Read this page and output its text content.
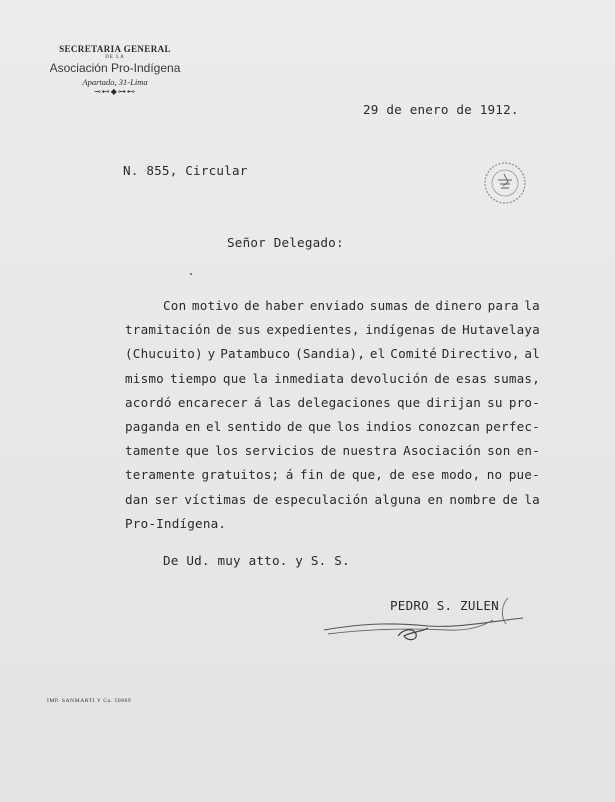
SECRETARIA GENERAL
DE LA
Asociación Pro-Indígena
Apartado, 31-Lima
⊸⊷◆⊶⊷
29 de enero de 1912.
N. 855, Circular
Señor Delegado:
Con motivo de haber enviado sumas de dinero para la
tramitación de sus expedientes, indígenas de Hutavelaya
(Chucuito) y Patambuco (Sandia), el Comité Directivo, al
mismo tiempo que la inmediata devolución de esas sumas,
acordó encarecer á las delegaciones que dirijan su pro-
paganda en el sentido de que los indios conozcan perfec-
tamente que los servicios de nuestra Asociación son en-
teramente gratuitos; á fin de que, de ese modo, no pue-
dan ser víctimas de especulación alguna en nombre de la
Pro-Indígena.
De Ud. muy atto. y S. S.
PEDRO S. ZULEN
IMP. SANMARTI Y Ca. 50889
